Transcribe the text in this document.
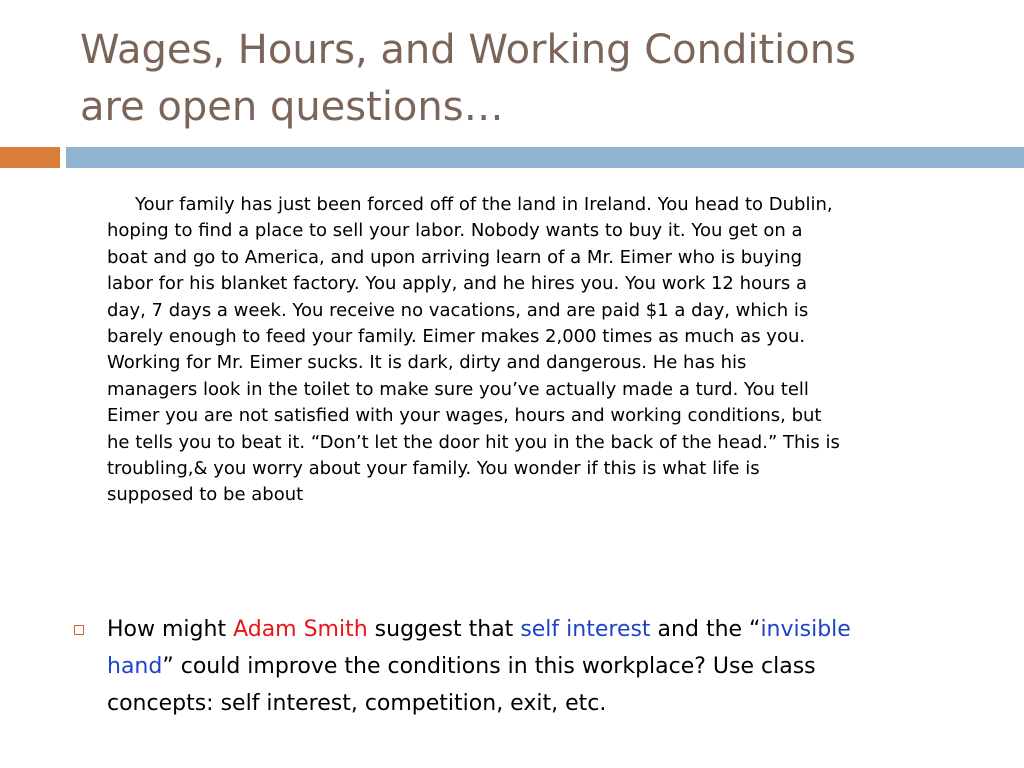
Wages, Hours, and Working Conditions
are open questions…
Your family has just been forced off of the land in Ireland. You head to Dublin,
hoping to find a place to sell your labor. Nobody wants to buy it. You get on a
boat and go to America, and upon arriving learn of a Mr. Eimer who is buying
labor for his blanket factory. You apply, and he hires you. You work 12 hours a
day, 7 days a week. You receive no vacations, and are paid $1 a day, which is
barely enough to feed your family. Eimer makes 2,000 times as much as you.
Working for Mr. Eimer sucks. It is dark, dirty and dangerous. He has his
managers look in the toilet to make sure you’ve actually made a turd. You tell
Eimer you are not satisfied with your wages, hours and working conditions, but
he tells you to beat it. “Don’t let the door hit you in the back of the head.” This is
troubling,& you worry about your family. You wonder if this is what life is
supposed to be about

How might Adam Smith suggest that self interest and the “invisible
hand” could improve the conditions in this workplace? Use class
concepts: self interest, competition, exit, etc.
